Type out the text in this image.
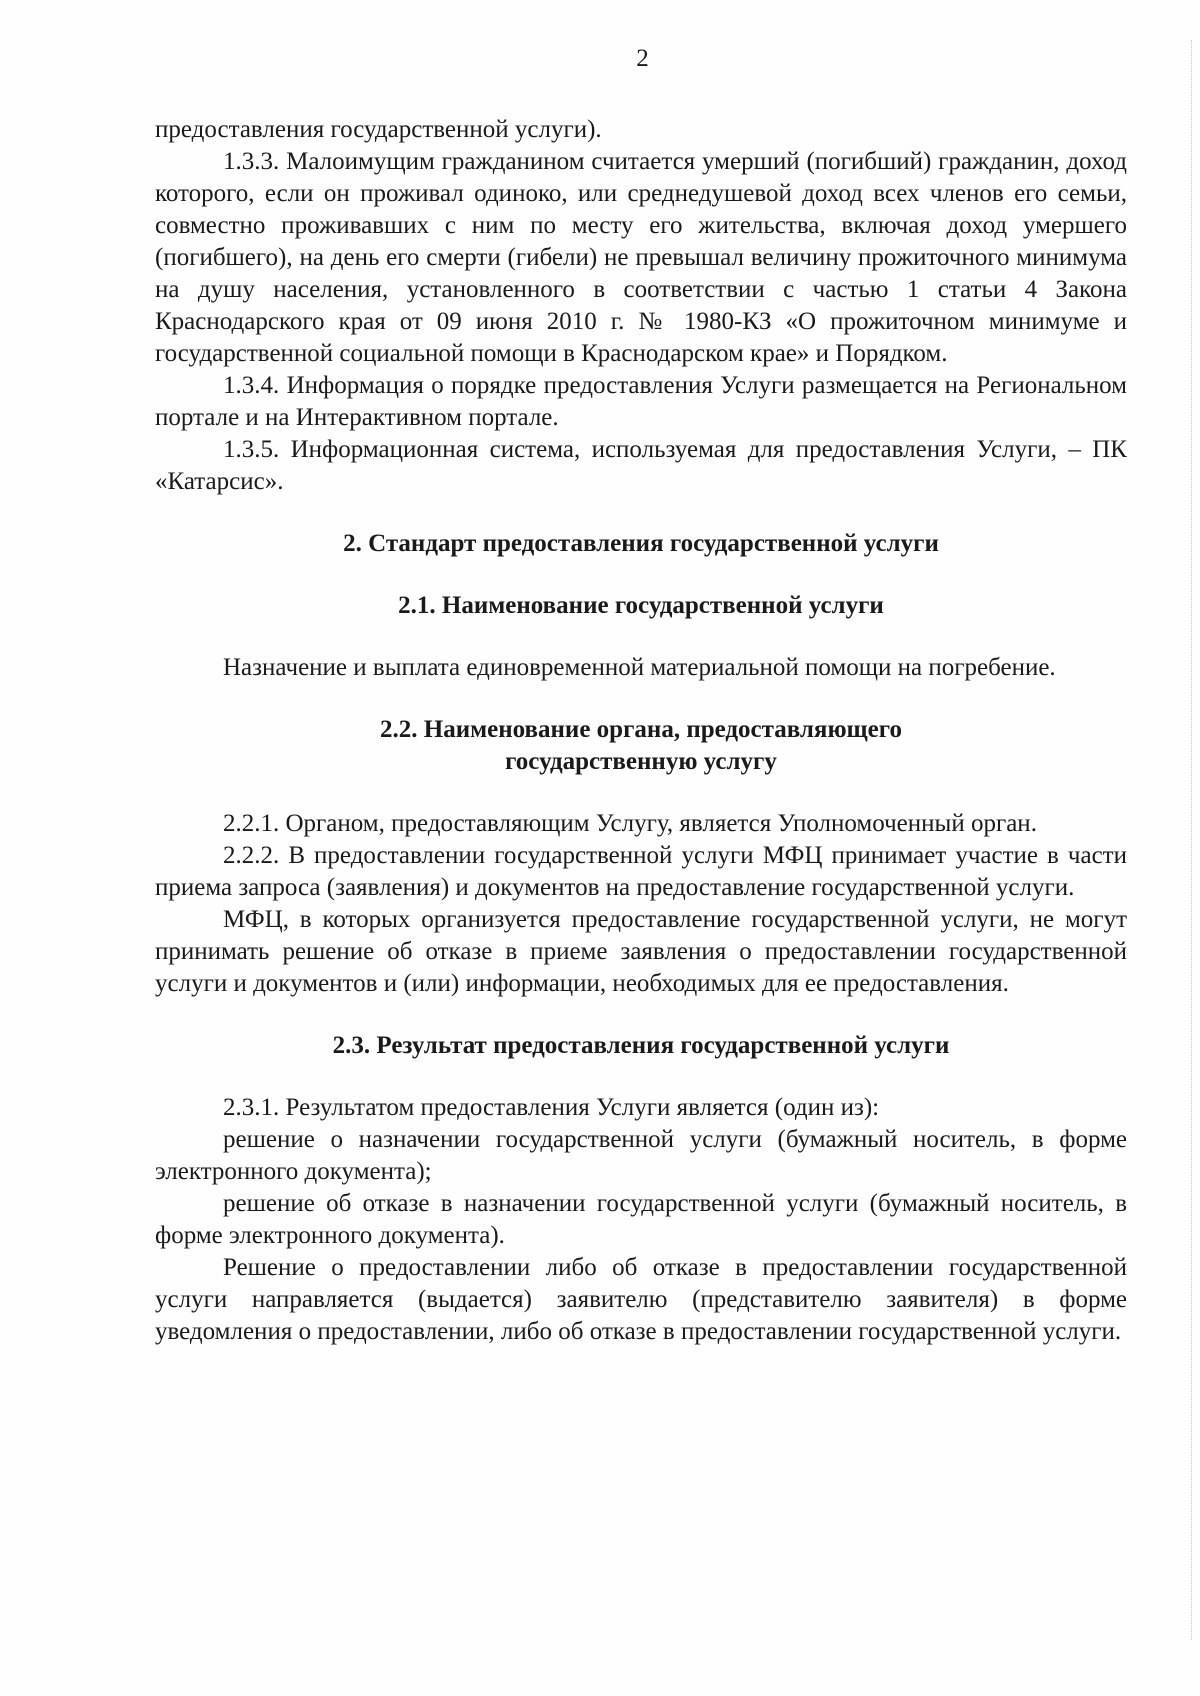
2

предоставления государственной услуги).

1.3.3. Малоимущим гражданином считается умерший (погибший) гражданин, доход которого, если он проживал одиноко, или среднедушевой доход всех членов его семьи, совместно проживавших с ним по месту его жительства, включая доход умершего (погибшего), на день его смерти (гибели) не превышал величину прожиточного минимума на душу населения, установленного в соответствии с частью 1 статьи 4 Закона Краснодарского края от 09 июня 2010 г. № 1980-КЗ «О прожиточном минимуме и государственной социальной помощи в Краснодарском крае» и Порядком.

1.3.4. Информация о порядке предоставления Услуги размещается на Региональном портале и на Интерактивном портале.

1.3.5. Информационная система, используемая для предоставления Услуги, – ПК «Катарсис».

2. Стандарт предоставления государственной услуги

2.1. Наименование государственной услуги

Назначение и выплата единовременной материальной помощи на погребение.

2.2. Наименование органа, предоставляющего
государственную услугу

2.2.1. Органом, предоставляющим Услугу, является Уполномоченный орган.

2.2.2. В предоставлении государственной услуги МФЦ принимает участие в части приема запроса (заявления) и документов на предоставление государственной услуги.

МФЦ, в которых организуется предоставление государственной услуги, не могут принимать решение об отказе в приеме заявления о предоставлении государственной услуги и документов и (или) информации, необходимых для ее предоставления.

2.3. Результат предоставления государственной услуги

2.3.1. Результатом предоставления Услуги является (один из):

решение о назначении государственной услуги (бумажный носитель, в форме электронного документа);

решение об отказе в назначении государственной услуги (бумажный носитель, в форме электронного документа).

Решение о предоставлении либо об отказе в предоставлении государственной услуги направляется (выдается) заявителю (представителю заявителя) в форме уведомления о предоставлении, либо об отказе в предоставлении государственной услуги.
